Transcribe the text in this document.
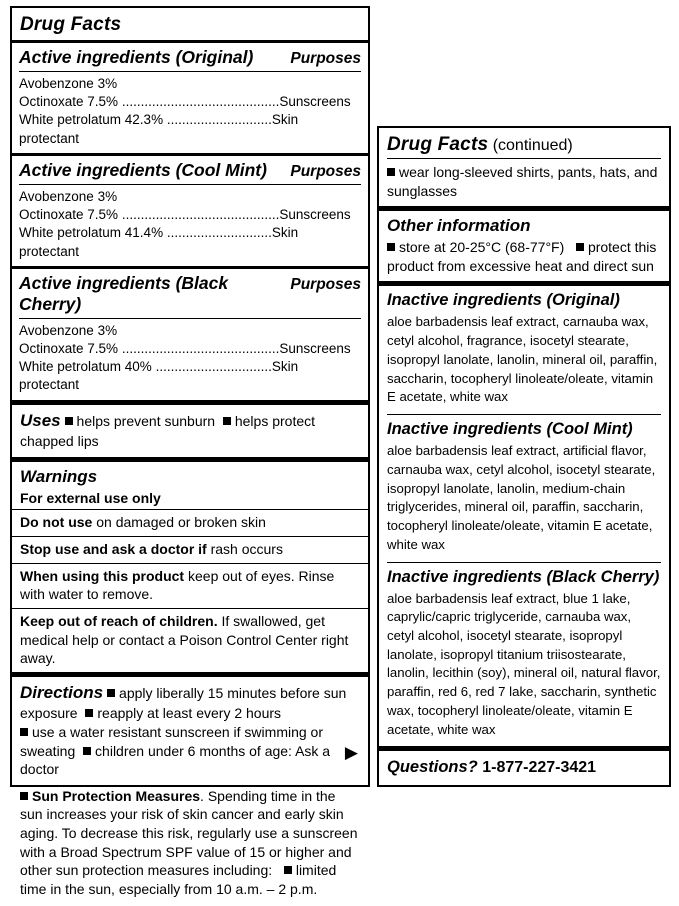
Drug Facts
Active ingredients (Original) Purposes
Avobenzone 3%
Octinoxate 7.5% ..........................................Sunscreens
White petrolatum 42.3% ............................Skin protectant
Active ingredients (Cool Mint) Purposes
Avobenzone 3%
Octinoxate 7.5% ..........................................Sunscreens
White petrolatum 41.4% ............................Skin protectant
Active ingredients (Black Cherry)
Purposes
Avobenzone 3%
Octinoxate 7.5% ..........................................Sunscreens
White petrolatum 40% ...............................Skin protectant
Uses helps prevent sunburn helps protect chapped lips
Warnings
For external use only
Do not use on damaged or broken skin
Stop use and ask a doctor if rash occurs
When using this product keep out of eyes. Rinse with water to remove.
Keep out of reach of children. If swallowed, get medical help or contact a Poison Control Center right away.
Directions apply liberally 15 minutes before sun exposure reapply at least every 2 hours
use a water resistant sunscreen if swimming or sweating children under 6 months of age: Ask a doctor
Sun Protection Measures. Spending time in the sun increases your risk of skin cancer and early skin aging. To decrease this risk, regularly use a sunscreen with a Broad Spectrum SPF value of 15 or higher and other sun protection measures including: limited time in the sun, especially from 10 a.m. – 2 p.m.
▶
Drug Facts (continued)
wear long-sleeved shirts, pants, hats, and sunglasses
Other information
store at 20-25°C (68-77°F) protect this product from excessive heat and direct sun
Inactive ingredients (Original)
aloe barbadensis leaf extract, carnauba wax, cetyl alcohol, fragrance, isocetyl stearate, isopropyl lanolate, lanolin, mineral oil, paraffin, saccharin, tocopheryl linoleate/oleate, vitamin E acetate, white wax
Inactive ingredients (Cool Mint)
aloe barbadensis leaf extract, artificial flavor, carnauba wax, cetyl alcohol, isocetyl stearate, isopropyl lanolate, lanolin, medium-chain triglycerides, mineral oil, paraffin, saccharin, tocopheryl linoleate/oleate, vitamin E acetate, white wax
Inactive ingredients (Black Cherry)
aloe barbadensis leaf extract, blue 1 lake, caprylic/capric triglyceride, carnauba wax, cetyl alcohol, isocetyl stearate, isopropyl lanolate, isopropyl titanium triisostearate, lanolin, lecithin (soy), mineral oil, natural flavor, paraffin, red 6, red 7 lake, saccharin, synthetic wax, tocopheryl linoleate/oleate, vitamin E acetate, white wax
Questions? 1-877-227-3421
